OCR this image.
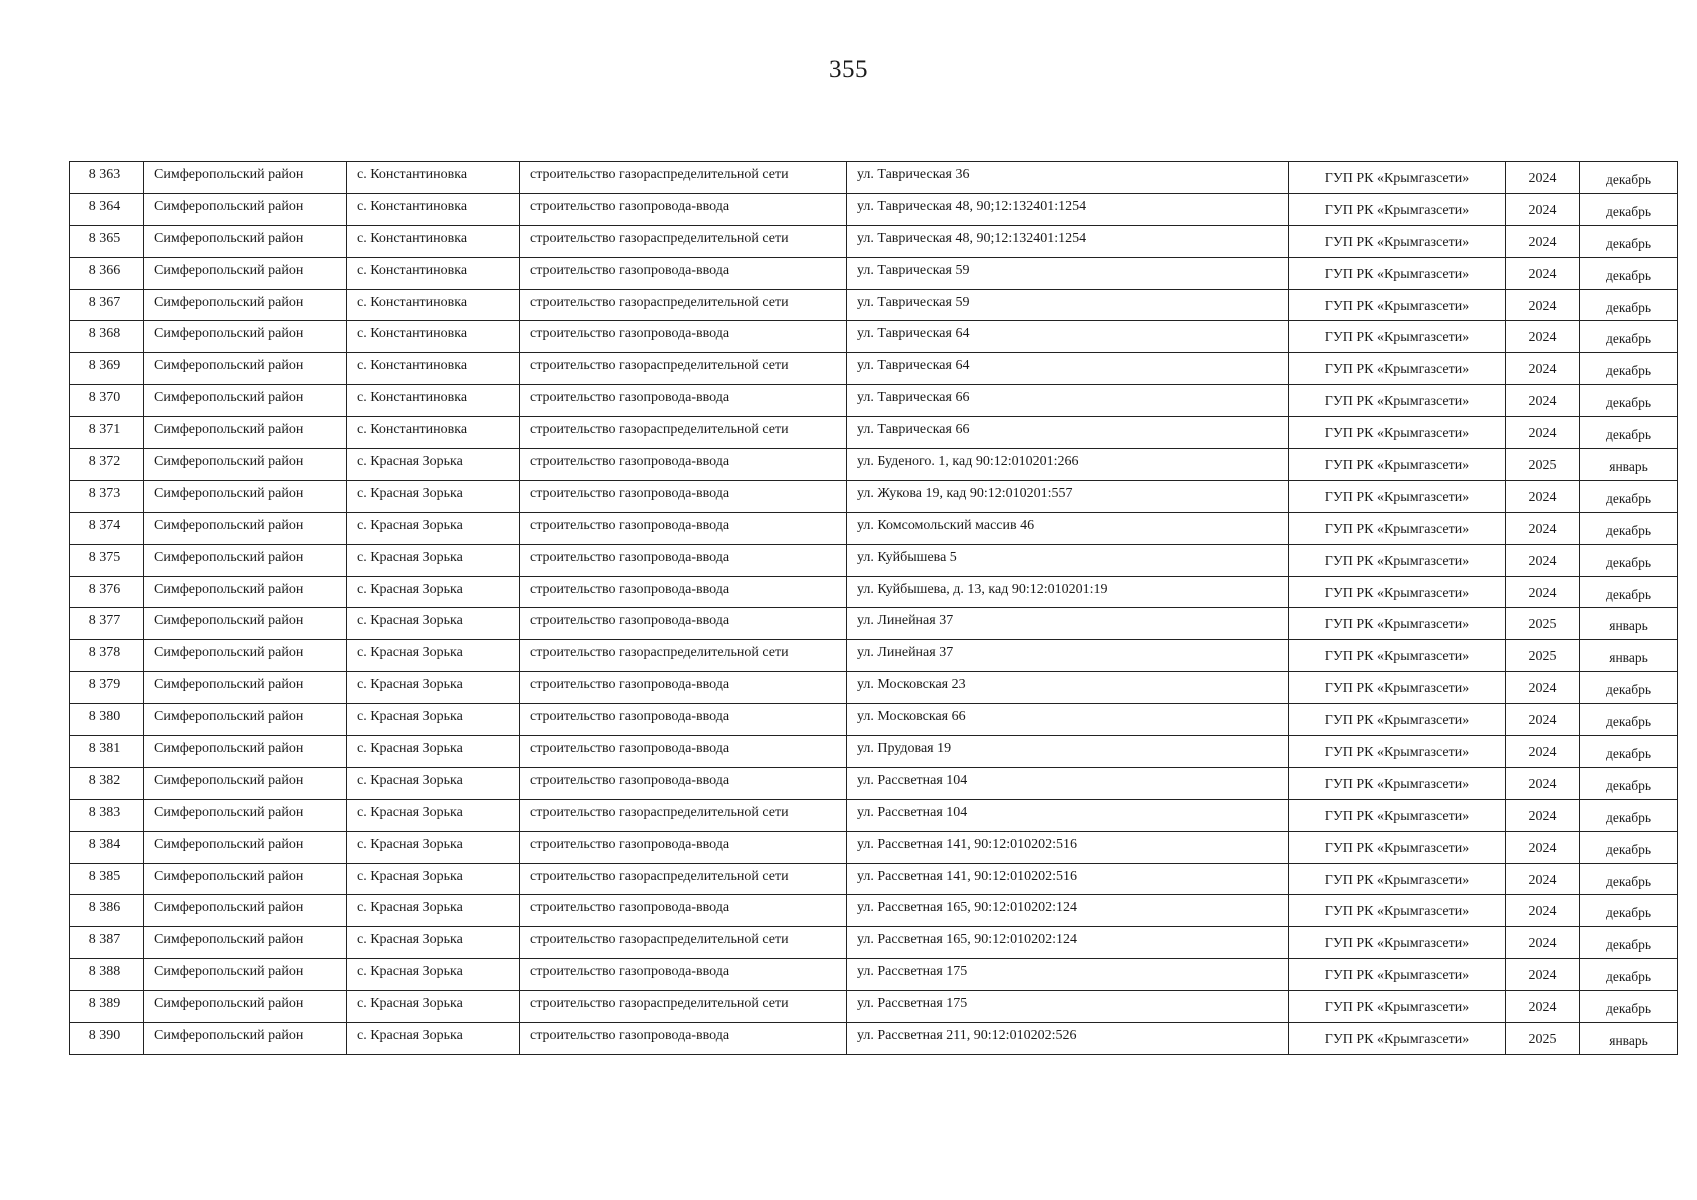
355
8 363	Симферопольский район	с. Константиновка	строительство газораспределительной сети	ул. Таврическая 36	ГУП РК «Крымгазсети»	2024	декабрь
8 364	Симферопольский район	с. Константиновка	строительство газопровода-ввода	ул. Таврическая 48, 90;12:132401:1254	ГУП РК «Крымгазсети»	2024	декабрь
8 365	Симферопольский район	с. Константиновка	строительство газораспределительной сети	ул. Таврическая 48, 90;12:132401:1254	ГУП РК «Крымгазсети»	2024	декабрь
8 366	Симферопольский район	с. Константиновка	строительство газопровода-ввода	ул. Таврическая 59	ГУП РК «Крымгазсети»	2024	декабрь
8 367	Симферопольский район	с. Константиновка	строительство газораспределительной сети	ул. Таврическая 59	ГУП РК «Крымгазсети»	2024	декабрь
8 368	Симферопольский район	с. Константиновка	строительство газопровода-ввода	ул. Таврическая 64	ГУП РК «Крымгазсети»	2024	декабрь
8 369	Симферопольский район	с. Константиновка	строительство газораспределительной сети	ул. Таврическая 64	ГУП РК «Крымгазсети»	2024	декабрь
8 370	Симферопольский район	с. Константиновка	строительство газопровода-ввода	ул. Таврическая 66	ГУП РК «Крымгазсети»	2024	декабрь
8 371	Симферопольский район	с. Константиновка	строительство газораспределительной сети	ул. Таврическая 66	ГУП РК «Крымгазсети»	2024	декабрь
8 372	Симферопольский район	с. Красная Зорька	строительство газопровода-ввода	ул. Буденого. 1, кад 90:12:010201:266	ГУП РК «Крымгазсети»	2025	январь
8 373	Симферопольский район	с. Красная Зорька	строительство газопровода-ввода	ул. Жукова 19, кад 90:12:010201:557	ГУП РК «Крымгазсети»	2024	декабрь
8 374	Симферопольский район	с. Красная Зорька	строительство газопровода-ввода	ул. Комсомольский массив 46	ГУП РК «Крымгазсети»	2024	декабрь
8 375	Симферопольский район	с. Красная Зорька	строительство газопровода-ввода	ул. Куйбышева 5	ГУП РК «Крымгазсети»	2024	декабрь
8 376	Симферопольский район	с. Красная Зорька	строительство газопровода-ввода	ул. Куйбышева, д. 13, кад 90:12:010201:19	ГУП РК «Крымгазсети»	2024	декабрь
8 377	Симферопольский район	с. Красная Зорька	строительство газопровода-ввода	ул. Линейная 37	ГУП РК «Крымгазсети»	2025	январь
8 378	Симферопольский район	с. Красная Зорька	строительство газораспределительной сети	ул. Линейная 37	ГУП РК «Крымгазсети»	2025	январь
8 379	Симферопольский район	с. Красная Зорька	строительство газопровода-ввода	ул. Московская 23	ГУП РК «Крымгазсети»	2024	декабрь
8 380	Симферопольский район	с. Красная Зорька	строительство газопровода-ввода	ул. Московская 66	ГУП РК «Крымгазсети»	2024	декабрь
8 381	Симферопольский район	с. Красная Зорька	строительство газопровода-ввода	ул. Прудовая 19	ГУП РК «Крымгазсети»	2024	декабрь
8 382	Симферопольский район	с. Красная Зорька	строительство газопровода-ввода	ул. Рассветная 104	ГУП РК «Крымгазсети»	2024	декабрь
8 383	Симферопольский район	с. Красная Зорька	строительство газораспределительной сети	ул. Рассветная 104	ГУП РК «Крымгазсети»	2024	декабрь
8 384	Симферопольский район	с. Красная Зорька	строительство газопровода-ввода	ул. Рассветная 141, 90:12:010202:516	ГУП РК «Крымгазсети»	2024	декабрь
8 385	Симферопольский район	с. Красная Зорька	строительство газораспределительной сети	ул. Рассветная 141, 90:12:010202:516	ГУП РК «Крымгазсети»	2024	декабрь
8 386	Симферопольский район	с. Красная Зорька	строительство газопровода-ввода	ул. Рассветная 165, 90:12:010202:124	ГУП РК «Крымгазсети»	2024	декабрь
8 387	Симферопольский район	с. Красная Зорька	строительство газораспределительной сети	ул. Рассветная 165, 90:12:010202:124	ГУП РК «Крымгазсети»	2024	декабрь
8 388	Симферопольский район	с. Красная Зорька	строительство газопровода-ввода	ул. Рассветная 175	ГУП РК «Крымгазсети»	2024	декабрь
8 389	Симферопольский район	с. Красная Зорька	строительство газораспределительной сети	ул. Рассветная 175	ГУП РК «Крымгазсети»	2024	декабрь
8 390	Симферопольский район	с. Красная Зорька	строительство газопровода-ввода	ул. Рассветная 211, 90:12:010202:526	ГУП РК «Крымгазсети»	2025	январь
